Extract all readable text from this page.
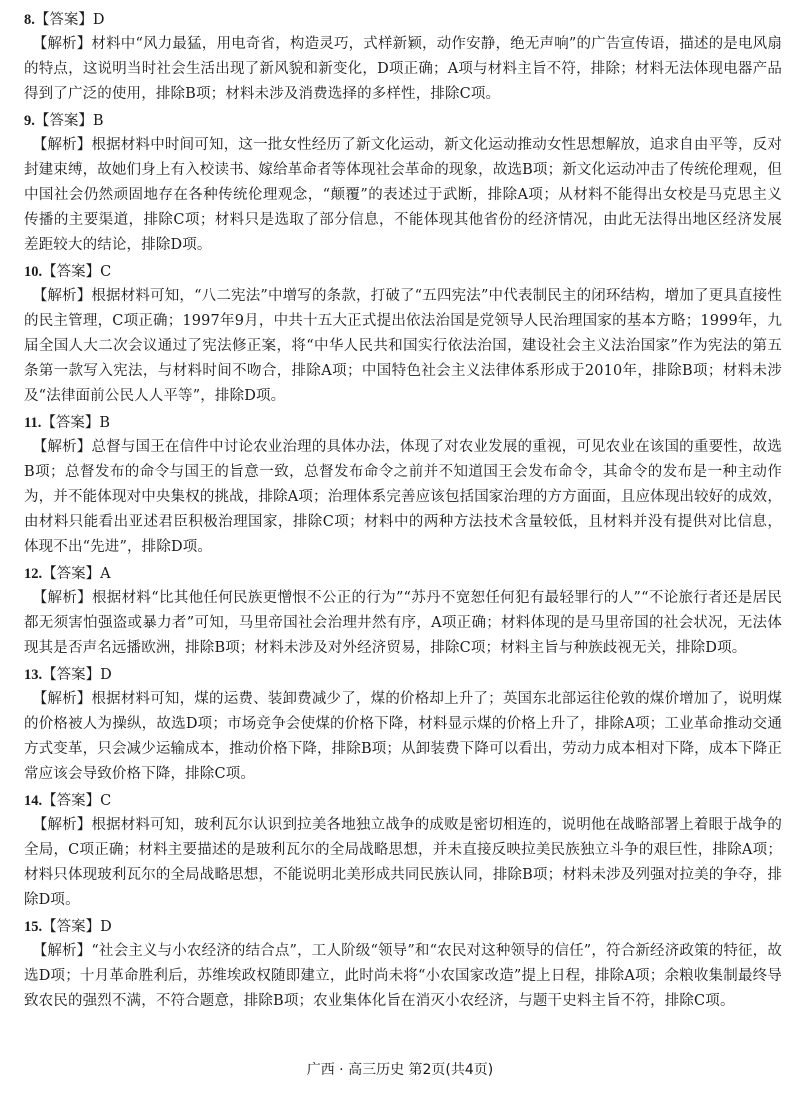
8.【答案】D

【解析】材料中“风力最猛，用电奇省，构造灵巧，式样新颖，动作安静，绝无声响”的广告宣传语，描述的是电风扇的特点，这说明当时社会生活出现了新风貌和新变化，D项正确；A项与材料主旨不符，排除；材料无法体现电器产品得到了广泛的使用，排除B项；材料未涉及消费选择的多样性，排除C项。

9.【答案】B

【解析】根据材料中时间可知，这一批女性经历了新文化运动，新文化运动推动女性思想解放，追求自由平等，反对封建束缚，故她们身上有入校读书、嫁给革命者等体现社会革命的现象，故选B项；新文化运动冲击了传统伦理观，但中国社会仍然顽固地存在各种传统伦理观念，“颠覆”的表述过于武断，排除A项；从材料不能得出女校是马克思主义传播的主要渠道，排除C项；材料只是选取了部分信息，不能体现其他省份的经济情况，由此无法得出地区经济发展差距较大的结论，排除D项。

10.【答案】C

【解析】根据材料可知，“八二宪法”中增写的条款，打破了“五四宪法”中代表制民主的闭环结构，增加了更具直接性的民主管理，C项正确；1997年9月，中共十五大正式提出依法治国是党领导人民治理国家的基本方略；1999年，九届全国人大二次会议通过了宪法修正案，将“中华人民共和国实行依法治国，建设社会主义法治国家”作为宪法的第五条第一款写入宪法，与材料时间不吻合，排除A项；中国特色社会主义法律体系形成于2010年，排除B项；材料未涉及“法律面前公民人人平等”，排除D项。

11.【答案】B

【解析】总督与国王在信件中讨论农业治理的具体办法，体现了对农业发展的重视，可见农业在该国的重要性，故选B项；总督发布的命令与国王的旨意一致，总督发布命令之前并不知道国王会发布命令，其命令的发布是一种主动作为，并不能体现对中央集权的挑战，排除A项；治理体系完善应该包括国家治理的方方面面，且应体现出较好的成效，由材料只能看出亚述君臣积极治理国家，排除C项；材料中的两种方法技术含量较低，且材料并没有提供对比信息，体现不出“先进”，排除D项。

12.【答案】A

【解析】根据材料“比其他任何民族更憎恨不公正的行为”“苏丹不宽恕任何犯有最轻罪行的人”“不论旅行者还是居民都无须害怕强盗或暴力者”可知，马里帝国社会治理井然有序，A项正确；材料体现的是马里帝国的社会状况，无法体现其是否声名远播欧洲，排除B项；材料未涉及对外经济贸易，排除C项；材料主旨与种族歧视无关，排除D项。

13.【答案】D

【解析】根据材料可知，煤的运费、装卸费减少了，煤的价格却上升了；英国东北部运往伦敦的煤价增加了，说明煤的价格被人为操纵，故选D项；市场竞争会使煤的价格下降，材料显示煤的价格上升了，排除A项；工业革命推动交通方式变革，只会减少运输成本，推动价格下降，排除B项；从卸装费下降可以看出，劳动力成本相对下降，成本下降正常应该会导致价格下降，排除C项。

14.【答案】C

【解析】根据材料可知，玻利瓦尔认识到拉美各地独立战争的成败是密切相连的，说明他在战略部署上着眼于战争的全局，C项正确；材料主要描述的是玻利瓦尔的全局战略思想，并未直接反映拉美民族独立斗争的艰巨性，排除A项；材料只体现玻利瓦尔的全局战略思想，不能说明北美形成共同民族认同，排除B项；材料未涉及列强对拉美的争夺，排除D项。

15.【答案】D

【解析】“社会主义与小农经济的结合点”，工人阶级“领导”和“农民对这种领导的信任”，符合新经济政策的特征，故选D项；十月革命胜利后，苏维埃政权随即建立，此时尚未将“小农国家改造”提上日程，排除A项；余粮收集制最终导致农民的强烈不满，不符合题意，排除B项；农业集体化旨在消灭小农经济，与题干史料主旨不符，排除C项。

广西 · 高三历史 第2页(共4页)
